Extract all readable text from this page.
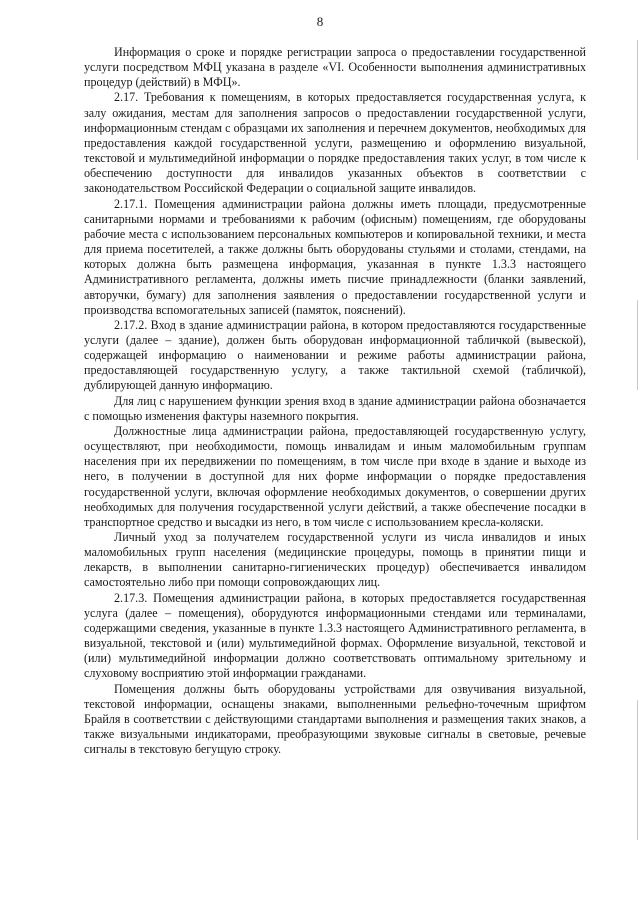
8

Информация о сроке и порядке регистрации запроса о предоставлении государственной услуги посредством МФЦ указана в разделе «VI. Особенности выполнения административных процедур (действий) в МФЦ».

2.17. Требования к помещениям, в которых предоставляется государственная услуга, к залу ожидания, местам для заполнения запросов о предоставлении государственной услуги, информационным стендам с образцами их заполнения и перечнем документов, необходимых для предоставления каждой государственной услуги, размещению и оформлению визуальной, текстовой и мультимедийной информации о порядке предоставления таких услуг, в том числе к обеспечению доступности для инвалидов указанных объектов в соответствии с законодательством Российской Федерации о социальной защите инвалидов.

2.17.1. Помещения администрации района должны иметь площади, предусмотренные санитарными нормами и требованиями к рабочим (офисным) помещениям, где оборудованы рабочие места с использованием персональных компьютеров и копировальной техники, и места для приема посетителей, а также должны быть оборудованы стульями и столами, стендами, на которых должна быть размещена информация, указанная в пункте 1.3.3 настоящего Административного регламента, должны иметь писчие принадлежности (бланки заявлений, авторучки, бумагу) для заполнения заявления о предоставлении государственной услуги и производства вспомогательных записей (памяток, пояснений).

2.17.2. Вход в здание администрации района, в котором предоставляются государственные услуги (далее – здание), должен быть оборудован информационной табличкой (вывеской), содержащей информацию о наименовании и режиме работы администрации района, предоставляющей государственную услугу, а также тактильной схемой (табличкой), дублирующей данную информацию.

Для лиц с нарушением функции зрения вход в здание администрации района обозначается с помощью изменения фактуры наземного покрытия.

Должностные лица администрации района, предоставляющей государственную услугу, осуществляют, при необходимости, помощь инвалидам и иным маломобильным группам населения при их передвижении по помещениям, в том числе при входе в здание и выходе из него, в получении в доступной для них форме информации о порядке предоставления государственной услуги, включая оформление необходимых документов, о совершении других необходимых для получения государственной услуги действий, а также обеспечение посадки в транспортное средство и высадки из него, в том числе с использованием кресла-коляски.

Личный уход за получателем государственной услуги из числа инвалидов и иных маломобильных групп населения (медицинские процедуры, помощь в принятии пищи и лекарств, в выполнении санитарно-гигиенических процедур) обеспечивается инвалидом самостоятельно либо при помощи сопровождающих лиц.

2.17.3. Помещения администрации района, в которых предоставляется государственная услуга (далее – помещения), оборудуются информационными стендами или терминалами, содержащими сведения, указанные в пункте 1.3.3 настоящего Административного регламента, в визуальной, текстовой и (или) мультимедийной формах. Оформление визуальной, текстовой и (или) мультимедийной информации должно соответствовать оптимальному зрительному и слуховому восприятию этой информации гражданами.

Помещения должны быть оборудованы устройствами для озвучивания визуальной, текстовой информации, оснащены знаками, выполненными рельефно-точечным шрифтом Брайля в соответствии с действующими стандартами выполнения и размещения таких знаков, а также визуальными индикаторами, преобразующими звуковые сигналы в световые, речевые сигналы в текстовую бегущую строку.
